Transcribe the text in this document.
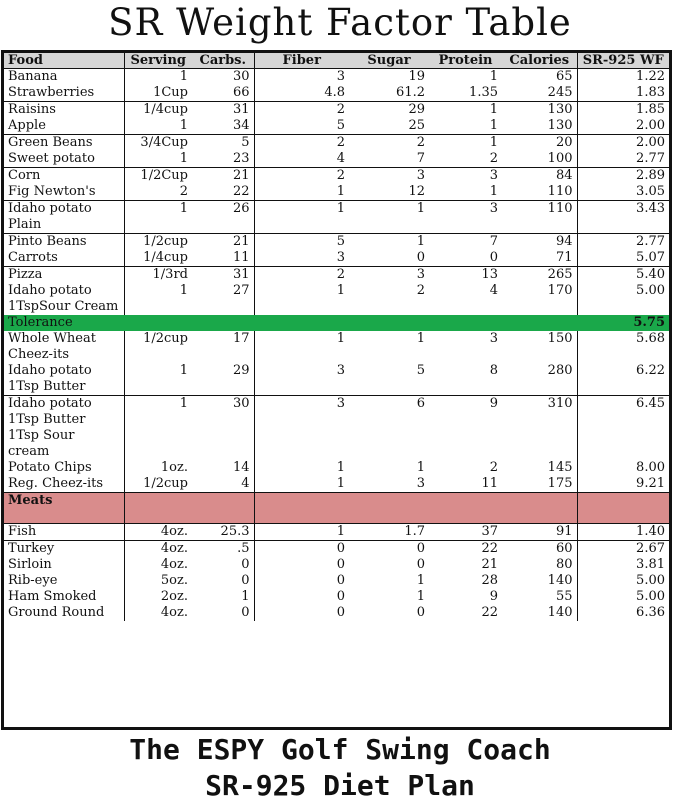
SR Weight Factor Table
Food	Serving	Carbs.	Fiber	Sugar	Protein	Calories	SR-925 WF
Banana	1	30	3	19	1	65	1.22
Strawberries	1Cup	66	4.8	61.2	1.35	245	1.83
Raisins	1/4cup	31	2	29	1	130	1.85
Apple	1	34	5	25	1	130	2.00
Green Beans	3/4Cup	5	2	2	1	20	2.00
Sweet potato	1	23	4	7	2	100	2.77
Corn	1/2Cup	21	2	3	3	84	2.89
Fig Newton's	2	22	1	12	1	110	3.05
Idaho potato Plain	1	26	1	1	3	110	3.43
Pinto Beans	1/2cup	21	5	1	7	94	2.77
Carrots	1/4cup	11	3	0	0	71	5.07
Pizza	1/3rd	31	2	3	13	265	5.40
Idaho potato 1TspSour Cream	1	27	1	2	4	170	5.00
Tolerance							5.75
Whole Wheat Cheez-its	1/2cup	17	1	1	3	150	5.68
Idaho potato 1Tsp Butter	1	29	3	5	8	280	6.22
Idaho potato 1Tsp Butter 1Tsp Sour cream	1	30	3	6	9	310	6.45
Potato Chips	1oz.	14	1	1	2	145	8.00
Reg. Cheez-its	1/2cup	4	1	3	11	175	9.21
Meats							
Fish	4oz.	25.3	1	1.7	37	91	1.40
Turkey	4oz.	.5	0	0	22	60	2.67
Sirloin	4oz.	0	0	0	21	80	3.81
Rib-eye	5oz.	0	0	1	28	140	5.00
Ham Smoked	2oz.	1	0	1	9	55	5.00
Ground Round	4oz.	0	0	0	22	140	6.36
The ESPY Golf Swing Coach
SR-925 Diet Plan
